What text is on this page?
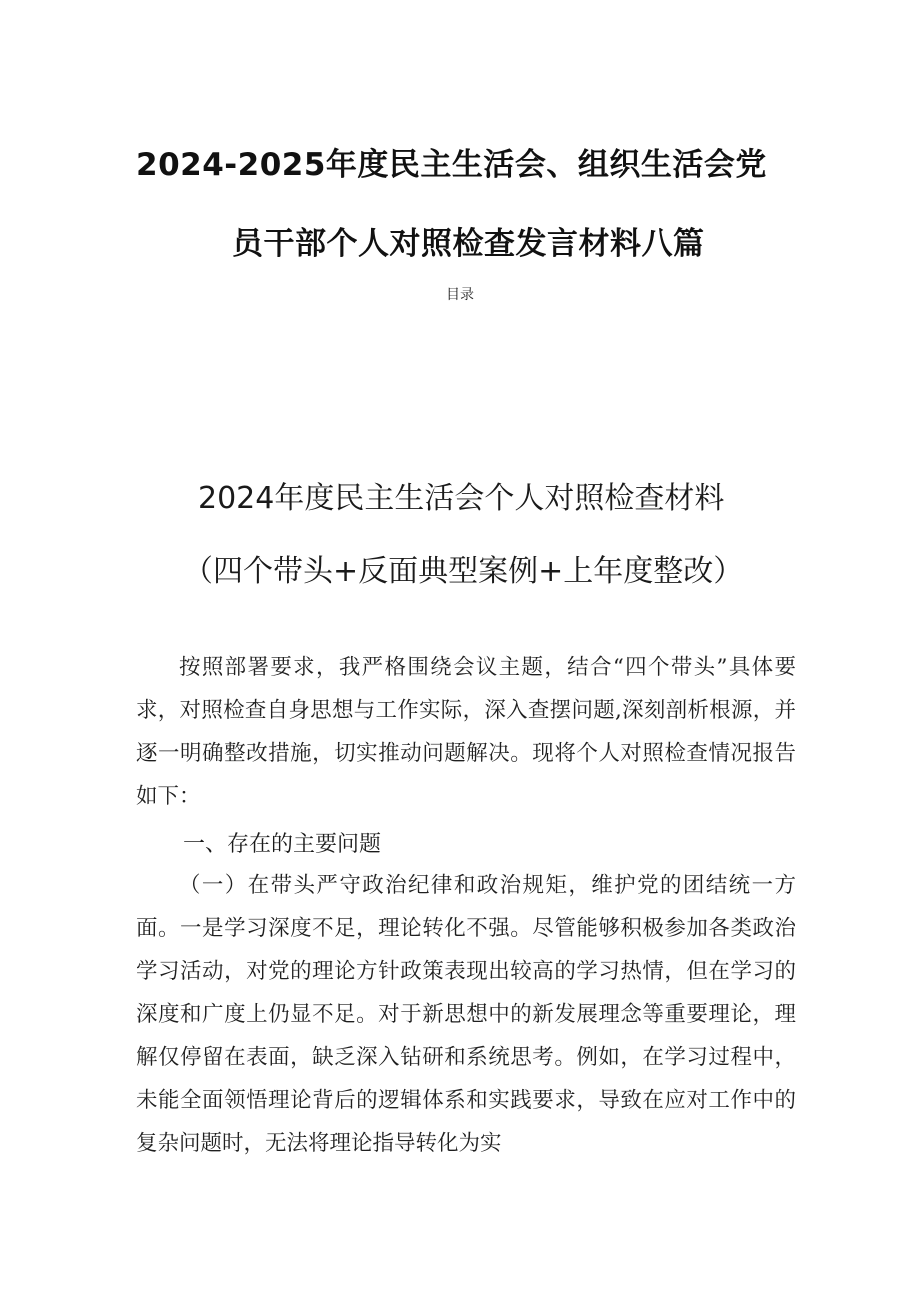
2024-2025年度民主生活会、组织生活会党
员干部个人对照检查发言材料八篇
目录
2024年度民主生活会个人对照检查材料
（四个带头+反面典型案例+上年度整改）

按照部署要求，我严格围绕会议主题，结合“四个带头”具体要求，对照检查自身思想与工作实际，深入查摆问题,深刻剖析根源，并逐一明确整改措施，切实推动问题解决。现将个人对照检查情况报告如下：

一、存在的主要问题

（一）在带头严守政治纪律和政治规矩，维护党的团结统一方面。一是学习深度不足，理论转化不强。尽管能够积极参加各类政治学习活动，对党的理论方针政策表现出较高的学习热情，但在学习的深度和广度上仍显不足。对于新思想中的新发展理念等重要理论，理解仅停留在表面，缺乏深入钻研和系统思考。例如，在学习过程中，未能全面领悟理论背后的逻辑体系和实践要求，导致在应对工作中的复杂问题时，无法将理论指导转化为实
